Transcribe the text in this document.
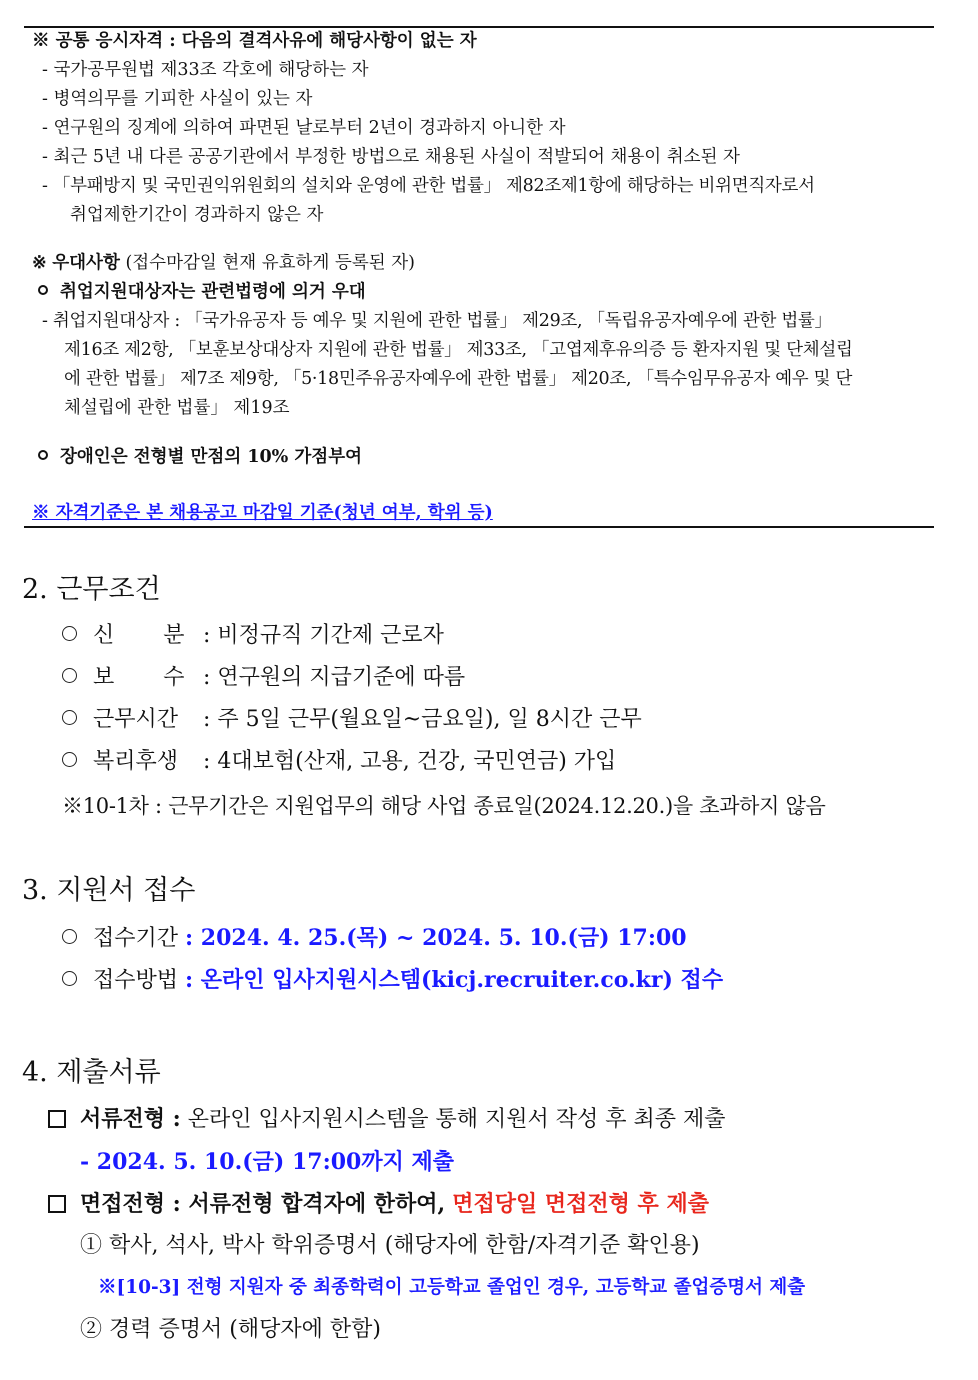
※ 공통 응시자격 : 다음의 결격사유에 해당사항이 없는 자
- 국가공무원법 제33조 각호에 해당하는 자
- 병역의무를 기피한 사실이 있는 자
- 연구원의 징계에 의하여 파면된 날로부터 2년이 경과하지 아니한 자
- 최근 5년 내 다른 공공기관에서 부정한 방법으로 채용된 사실이 적발되어 채용이 취소된 자
- 「부패방지 및 국민권익위원회의 설치와 운영에 관한 법률」 제82조제1항에 해당하는 비위면직자로서
취업제한기간이 경과하지 않은 자
※ 우대사항 (접수마감일 현재 유효하게 등록된 자)
취업지원대상자는 관련법령에 의거 우대
- 취업지원대상자 : 「국가유공자 등 예우 및 지원에 관한 법률」 제29조, 「독립유공자예우에 관한 법률」
제16조 제2항, 「보훈보상대상자 지원에 관한 법률」 제33조, 「고엽제후유의증 등 환자지원 및 단체설립
에 관한 법률」 제7조 제9항, 「5·18민주유공자예우에 관한 법률」 제20조, 「특수임무유공자 예우 및 단
체설립에 관한 법률」 제19조
장애인은 전형별 만점의 10% 가점부여
※ 자격기준은 본 채용공고 마감일 기준(청년 여부, 학위 등)
2. 근무조건
신       분 : 비정규직 기간제 근로자
보       수 : 연구원의 지급기준에 따름
근무시간 : 주 5일 근무(월요일~금요일), 일 8시간 근무
복리후생 : 4대보험(산재, 고용, 건강, 국민연금) 가입
※10-1차 : 근무기간은 지원업무의 해당 사업 종료일(2024.12.20.)을 초과하지 않음
3. 지원서 접수
접수기간 : 2024. 4. 25.(목) ~ 2024. 5. 10.(금) 17:00
접수방법 : 온라인 입사지원시스템(kicj.recruiter.co.kr) 접수
4. 제출서류
서류전형 : 온라인 입사지원시스템을 통해 지원서 작성 후 최종 제출
- 2024. 5. 10.(금) 17:00까지 제출
면접전형 : 서류전형 합격자에 한하여, 면접당일 면접전형 후 제출
① 학사, 석사, 박사 학위증명서 (해당자에 한함/자격기준 확인용)
※[10-3] 전형 지원자 중 최종학력이 고등학교 졸업인 경우, 고등학교 졸업증명서 제출
② 경력 증명서 (해당자에 한함)
